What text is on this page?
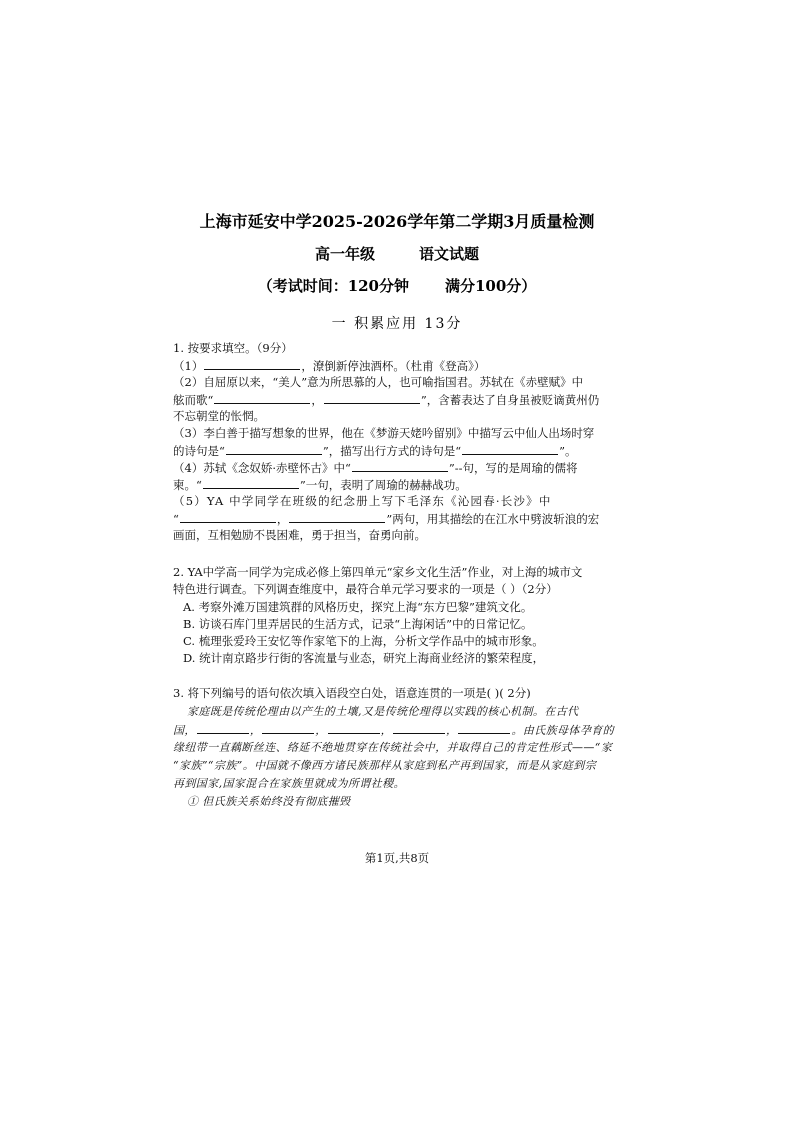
上海市延安中学2025-2026学年第二学期3月质量检测
高一年级	语文试题
（考试时间：120分钟 满分100分）
一 积累应用 13分
1. 按要求填空。（9分）
（1）	，潦倒新停浊酒杯。（杜甫《登高》）
（2）自屈原以来，“美人”意为所思慕的人，也可喻指国君。苏轼在《赤壁赋》中
舷而歌“	，	”，含蓄表达了自身虽被贬谪黄州仍
不忘朝堂的怅惘。
（3）李白善于描写想象的世界，他在《梦游天姥吟留别》中描写云中仙人出场时穿
的诗句是“	”，描写出行方式的诗句是“	”。
（4）苏轼《念奴娇·赤壁怀古》中“	”--句，写的是周瑜的儒将
柬。“	”一句，表明了周瑜的赫赫战功。
（5）YA 中学同学在班级的纪念册上写下毛泽东《沁园春·长沙》中
“	，	”两句，用其描绘的在江水中劈波斩浪的宏
画面，互相勉励不畏困难，勇于担当，奋勇向前。
2. YA中学高一同学为完成必修上第四单元“家乡文化生活”作业，对上海的城市文
特色进行调查。下列调查维度中，最符合单元学习要求的一项是（ ）（2分）
A. 考察外滩万国建筑群的风格历史，探究上海“东方巴黎”建筑文化。
B. 访谈石库门里弄居民的生活方式，记录“上海闲话”中的日常记忆。
C. 梳理张爱玲王安忆等作家笔下的上海，分析文学作品中的城市形象。
D. 统计南京路步行街的客流量与业态，研究上海商业经济的繁荣程度，
3. 将下列编号的语句依次填入语段空白处，语意连贯的一项是( )( 2分)
家庭既是传统伦理由以产生的土壤,又是传统伦理得以实践的核心机制。在古代
国，	，	，	，	，	。由氏族母体孕育的
缘纽带一直藕断丝连、络延不绝地贯穿在传统社会中，并取得自己的肯定性形式——“家
“家族”“宗族”。中国就不像西方诸民族那样从家庭到私产再到国家，而是从家庭到宗
再到国家,国家混合在家族里就成为所谓社稷。
① 但氏族关系始终没有彻底摧毁
第1页,共8页
